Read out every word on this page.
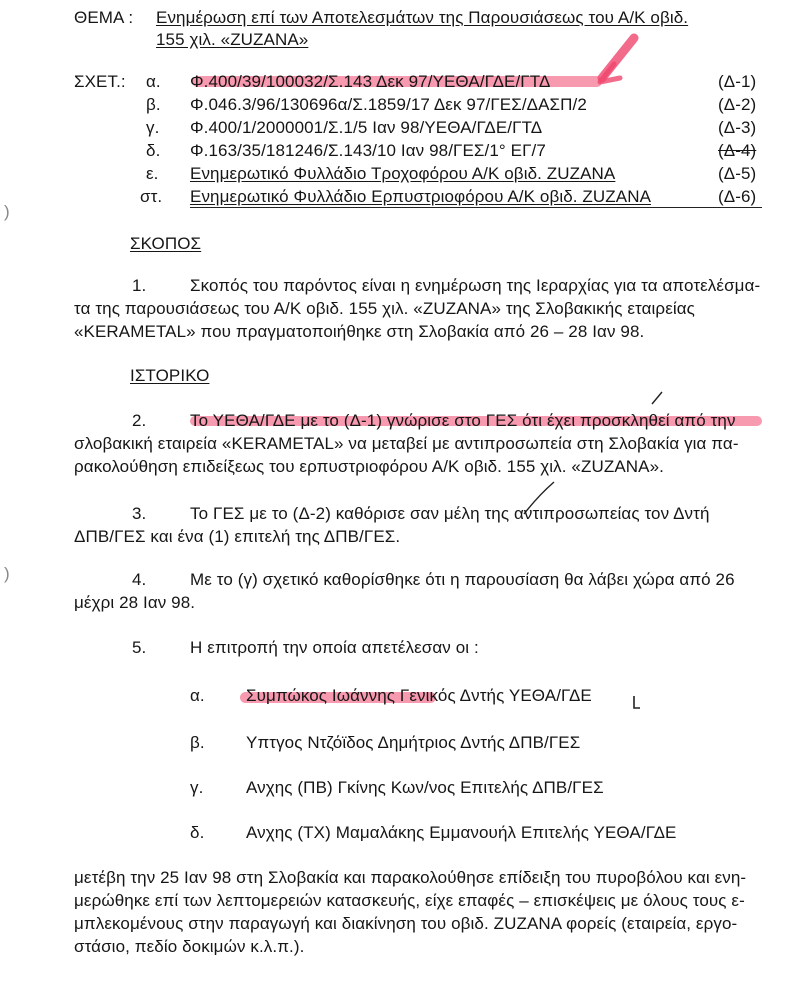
)
)
ΘΕΜΑ : Ενημέρωση επί των Αποτελεσμάτων της Παρουσιάσεως του Α/Κ οβιδ.
155 χιλ. «ZUZANA»
ΣΧΕΤ.: α. Φ.400/39/100032/Σ.143 Δεκ 97/ΥΕΘΑ/ΓΔΕ/ΓΤΔ	(Δ-1)
β. Φ.046.3/96/130696α/Σ.1859/17 Δεκ 97/ΓΕΣ/ΔΑΣΠ/2	(Δ-2)
γ. Φ.400/1/2000001/Σ.1/5 Ιαν 98/ΥΕΘΑ/ΓΔΕ/ΓΤΔ	(Δ-3)
δ. Φ.163/35/181246/Σ.143/10 Ιαν 98/ΓΕΣ/1° ΕΓ/7	(Δ-4)
ε. Ενημερωτικό Φυλλάδιο Τροχοφόρου Α/Κ οβιδ. ZUZANA	(Δ-5)
στ. Ενημερωτικό Φυλλάδιο Ερπυστριοφόρου Α/Κ οβιδ. ZUZANA	(Δ-6)
ΣΚΟΠΟΣ
1.	Σκοπός του παρόντος είναι η ενημέρωση της Ιεραρχίας για τα αποτελέσμα-
τα της παρουσιάσεως του Α/Κ οβιδ. 155 χιλ. «ZUZANA» της Σλοβακικής εταιρείας
«KERAMETAL» που πραγματοποιήθηκε στη Σλοβακία από 26 – 28 Ιαν 98.
ΙΣΤΟΡΙΚΟ
2.	Το ΥΕΘΑ/ΓΔΕ με το (Δ-1) γνώρισε στο ΓΕΣ ότι έχει προσκληθεί από την
σλοβακική εταιρεία «KERAMETAL» να μεταβεί με αντιπροσωπεία στη Σλοβακία για πα-
ρακολούθηση επιδείξεως του ερπυστριοφόρου Α/Κ οβιδ. 155 χιλ. «ZUZANA».
3.	Το ΓΕΣ με το (Δ-2) καθόρισε σαν μέλη της αντιπροσωπείας τον Δντή
ΔΠΒ/ΓΕΣ και ένα (1) επιτελή της ΔΠΒ/ΓΕΣ.
4.	Με το (γ) σχετικό καθορίσθηκε ότι η παρουσίαση θα λάβει χώρα από 26
μέχρι 28 Ιαν 98.
5.	Η επιτροπή την οποία απετέλεσαν οι :
α. Συμπώκος Ιωάννης Γενικός Δντής ΥΕΘΑ/ΓΔΕ
β. Υπτγος Ντζόϊδος Δημήτριος Δντής ΔΠΒ/ΓΕΣ
γ.	Ανχης (ΠΒ) Γκίνης Κων/νος Επιτελής ΔΠΒ/ΓΕΣ
δ. Ανχης (ΤΧ) Μαμαλάκης Εμμανουήλ Επιτελής ΥΕΘΑ/ΓΔΕ
μετέβη την 25 Ιαν 98 στη Σλοβακία και παρακολούθησε επίδειξη του πυροβόλου και ενη-
μερώθηκε επί των λεπτομερειών κατασκευής, είχε επαφές – επισκέψεις με όλους τους ε-
μπλεκομένους στην παραγωγή και διακίνηση του οβιδ. ZUZANA φορείς (εταιρεία, εργο-
στάσιο, πεδίο δοκιμών κ.λ.π.).
